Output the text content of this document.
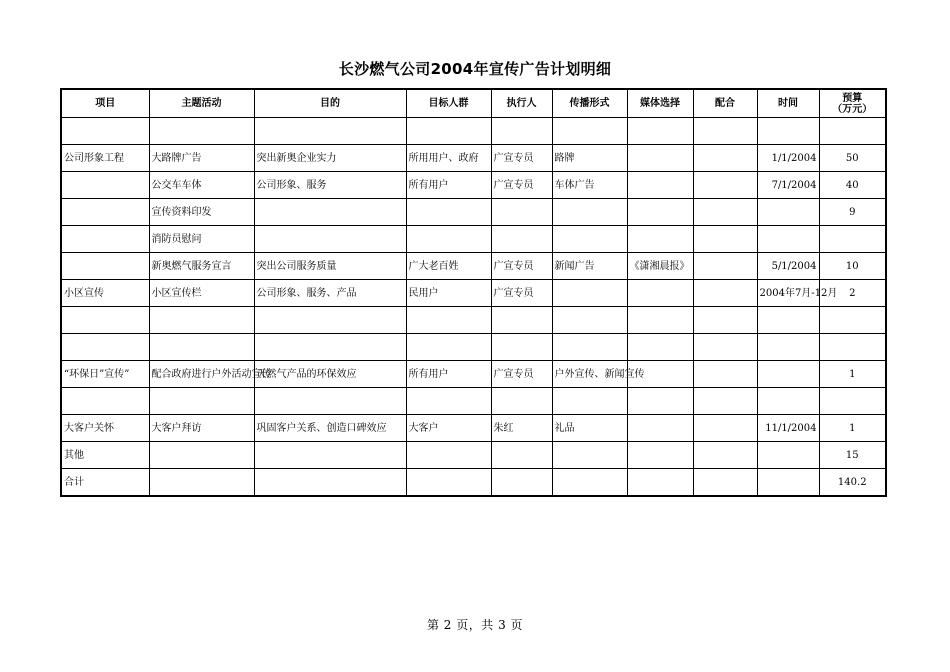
长沙燃气公司2004年宣传广告计划明细
项目	主题活动	目的	目标人群	执行人	传播形式	媒体选择	配合	时间	预算
（万元）

公司形象工程	大路牌广告	突出新奥企业实力	所用用户、政府	广宣专员	路牌			1/1/2004	50
	公交车车体	公司形象、服务	所有用户	广宣专员	车体广告			7/1/2004	40
	宣传资料印发								9
	消防员慰问								
	新奥燃气服务宣言	突出公司服务质量	广大老百姓	广宣专员	新闻广告	《潇湘晨报》		5/1/2004	10
小区宣传	小区宣传栏	公司形象、服务、产品	民用户	广宣专员				2004年7月-12月	2

“环保日”宣传”	配合政府进行户外活动宣传	天然气产品的环保效应	所有用户	广宣专员	户外宣传、新闻宣传				1

大客户关怀	大客户拜访	巩固客户关系、创造口碑效应	大客户	朱红	礼品			11/1/2004	1
其他									15
合计									140.2
第 2 页，共 3 页
